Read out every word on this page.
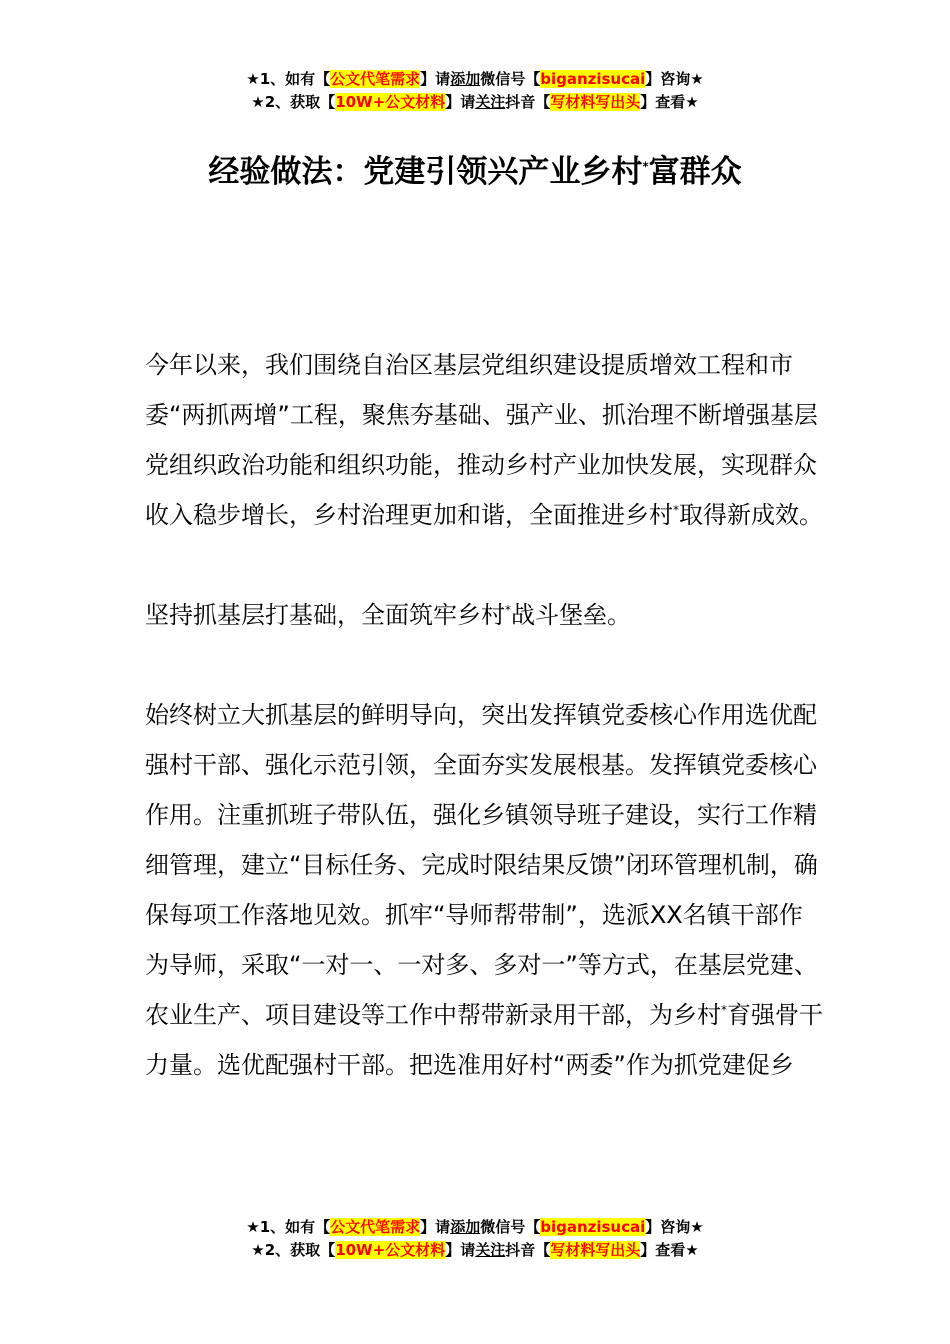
★1、如有【公文代笔需求】请添加微信号【biganzisucai】咨询★
★2、获取【10W+公文材料】请关注抖音【写材料写出头】查看★
经验做法：党建引领兴产业乡村*富群众

今年以来，我们围绕自治区基层党组织建设提质增效工程和市委“两抓两增”工程，聚焦夯基础、强产业、抓治理不断增强基层党组织政治功能和组织功能，推动乡村产业加快发展，实现群众收入稳步增长，乡村治理更加和谐，全面推进乡村*取得新成效。

坚持抓基层打基础，全面筑牢乡村*战斗堡垒。

始终树立大抓基层的鲜明导向，突出发挥镇党委核心作用选优配强村干部、强化示范引领，全面夯实发展根基。发挥镇党委核心作用。注重抓班子带队伍，强化乡镇领导班子建设，实行工作精细管理，建立“目标任务、完成时限结果反馈”闭环管理机制，确保每项工作落地见效。抓牢“导师帮带制”，选派XX名镇干部作为导师，采取“一对一、一对多、多对一”等方式，在基层党建、农业生产、项目建设等工作中帮带新录用干部，为乡村*育强骨干力量。选优配强村干部。把选准用好村“两委”作为抓党建促乡

★1、如有【公文代笔需求】请添加微信号【biganzisucai】咨询★
★2、获取【10W+公文材料】请关注抖音【写材料写出头】查看★
